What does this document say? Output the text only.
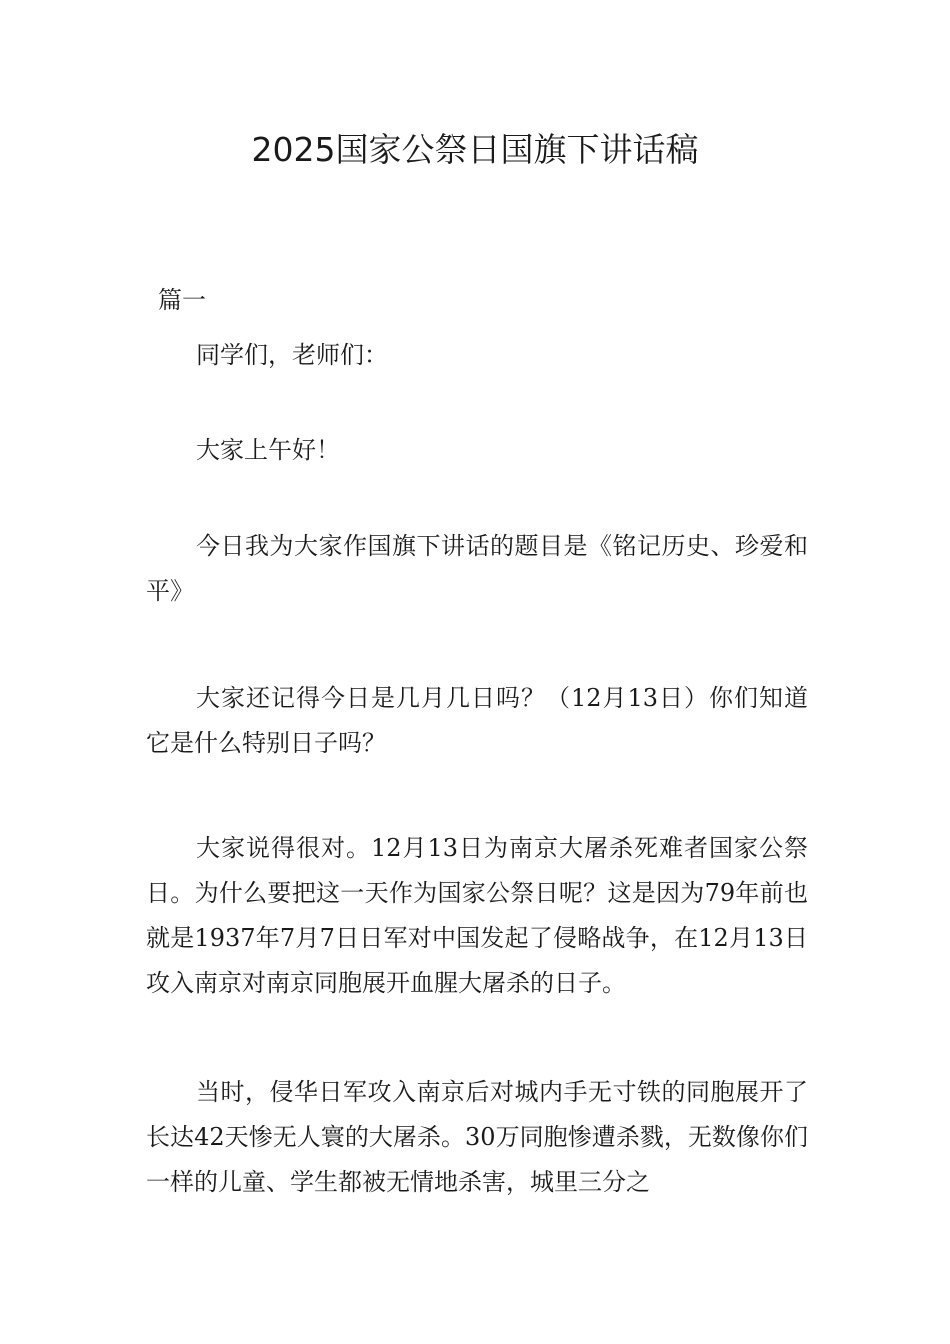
2025国家公祭日国旗下讲话稿

篇一

同学们，老师们：

大家上午好！

今日我为大家作国旗下讲话的题目是《铭记历史、珍爱和平》

大家还记得今日是几月几日吗？（12月13日）你们知道它是什么特别日子吗？

大家说得很对。12月13日为南京大屠杀死难者国家公祭日。为什么要把这一天作为国家公祭日呢？这是因为79年前也就是1937年7月7日日军对中国发起了侵略战争，在12月13日攻入南京对南京同胞展开血腥大屠杀的日子。

当时，侵华日军攻入南京后对城内手无寸铁的同胞展开了长达42天惨无人寰的大屠杀。30万同胞惨遭杀戮，无数像你们一样的儿童、学生都被无情地杀害，城里三分之
